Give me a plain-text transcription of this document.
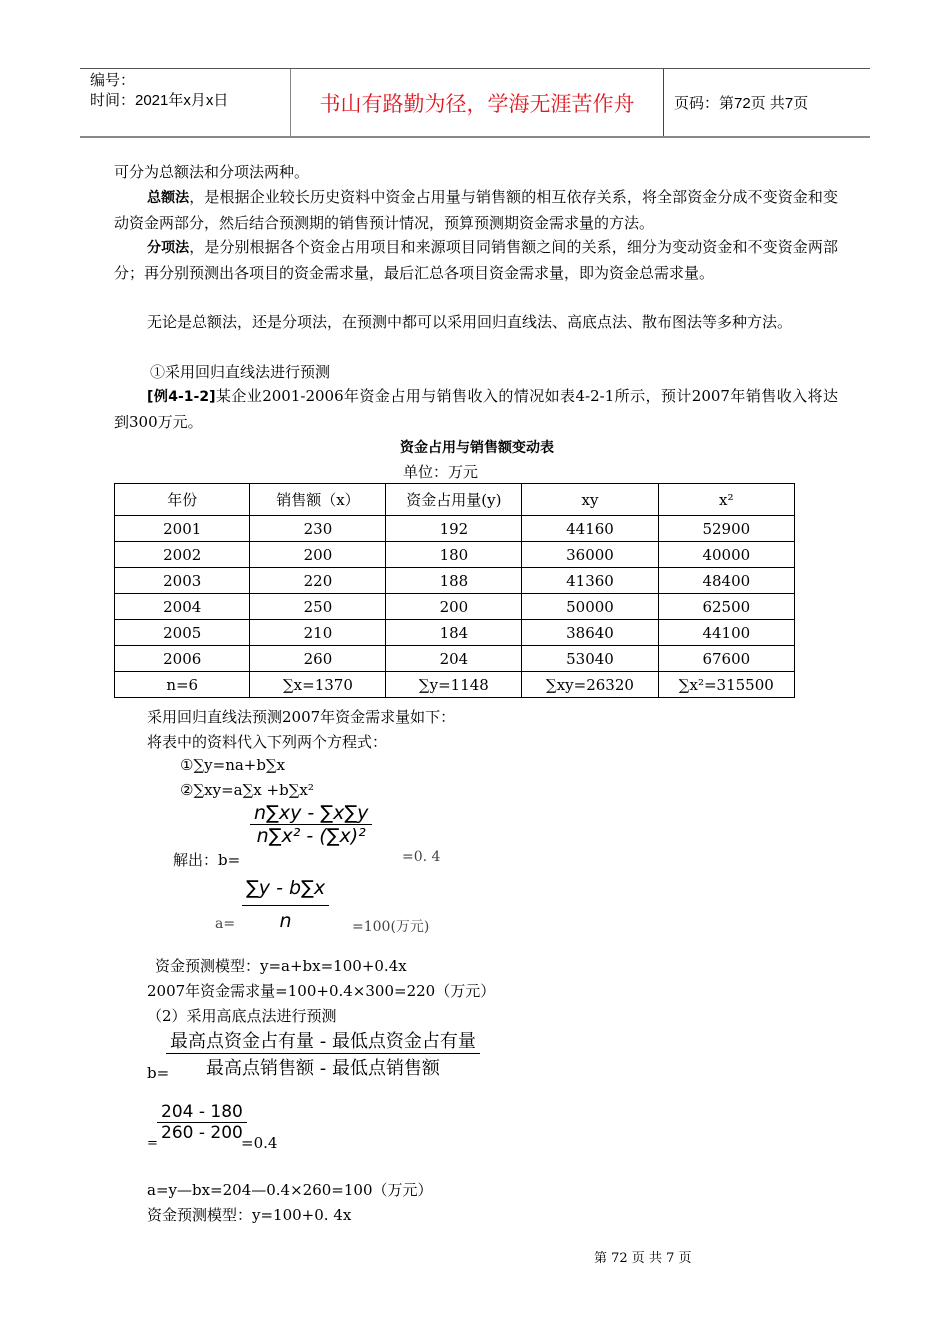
编号：
时间：2021年x月x日	书山有路勤为径，学海无涯苦作舟	页码：第72页 共7页
可分为总额法和分项法两种。
总额法，是根据企业较长历史资料中资金占用量与销售额的相互依存关系，将全部资金分成不变资金和变动资金两部分，然后结合预测期的销售预计情况，预算预测期资金需求量的方法。
分项法，是分别根据各个资金占用项目和来源项目同销售额之间的关系，细分为变动资金和不变资金两部分；再分别预测出各项目的资金需求量，最后汇总各项目资金需求量，即为资金总需求量。
无论是总额法，还是分项法，在预测中都可以采用回归直线法、高底点法、散布图法等多种方法。
①采用回归直线法进行预测
[例4-1-2]某企业2001-2006年资金占用与销售收入的情况如表4-2-1所示，预计2007年销售收入将达到300万元。
资金占用与销售额变动表
单位：万元
年份	销售额（x）	资金占用量(y)	xy	x²
2001	230	192	44160	52900
2002	200	180	36000	40000
2003	220	188	41360	48400
2004	250	200	50000	62500
2005	210	184	38640	44100
2006	260	204	53040	67600
n=6	∑x=1370	∑y=1148	∑xy=26320	∑x²=315500
采用回归直线法预测2007年资金需求量如下：
将表中的资料代入下列两个方程式：
①∑y=na+b∑x
②∑xy=a∑x +b∑x²
$\frac{n\sum xy - \sum x\sum y}{\text{n∑x² - (∑x)²}}$
解出：b=	=0. 4
$\frac{\sum y - b\sum x}{n}$
a=	=100(万元)
资金预测模型：y=a+bx=100+0.4x
2007年资金需求量=100+0.4×300=220（万元）
（2）采用高底点法进行预测
最高点资金占有量 - 最低点资金占有量
最高点销售额 - 最低点销售额
b=
$\frac{204 - 180}{260 - 200}$
=	=0.4
a=y—bx=204—0.4×260=100（万元）
资金预测模型：y=100+0. 4x
第 72 页 共 7 页
